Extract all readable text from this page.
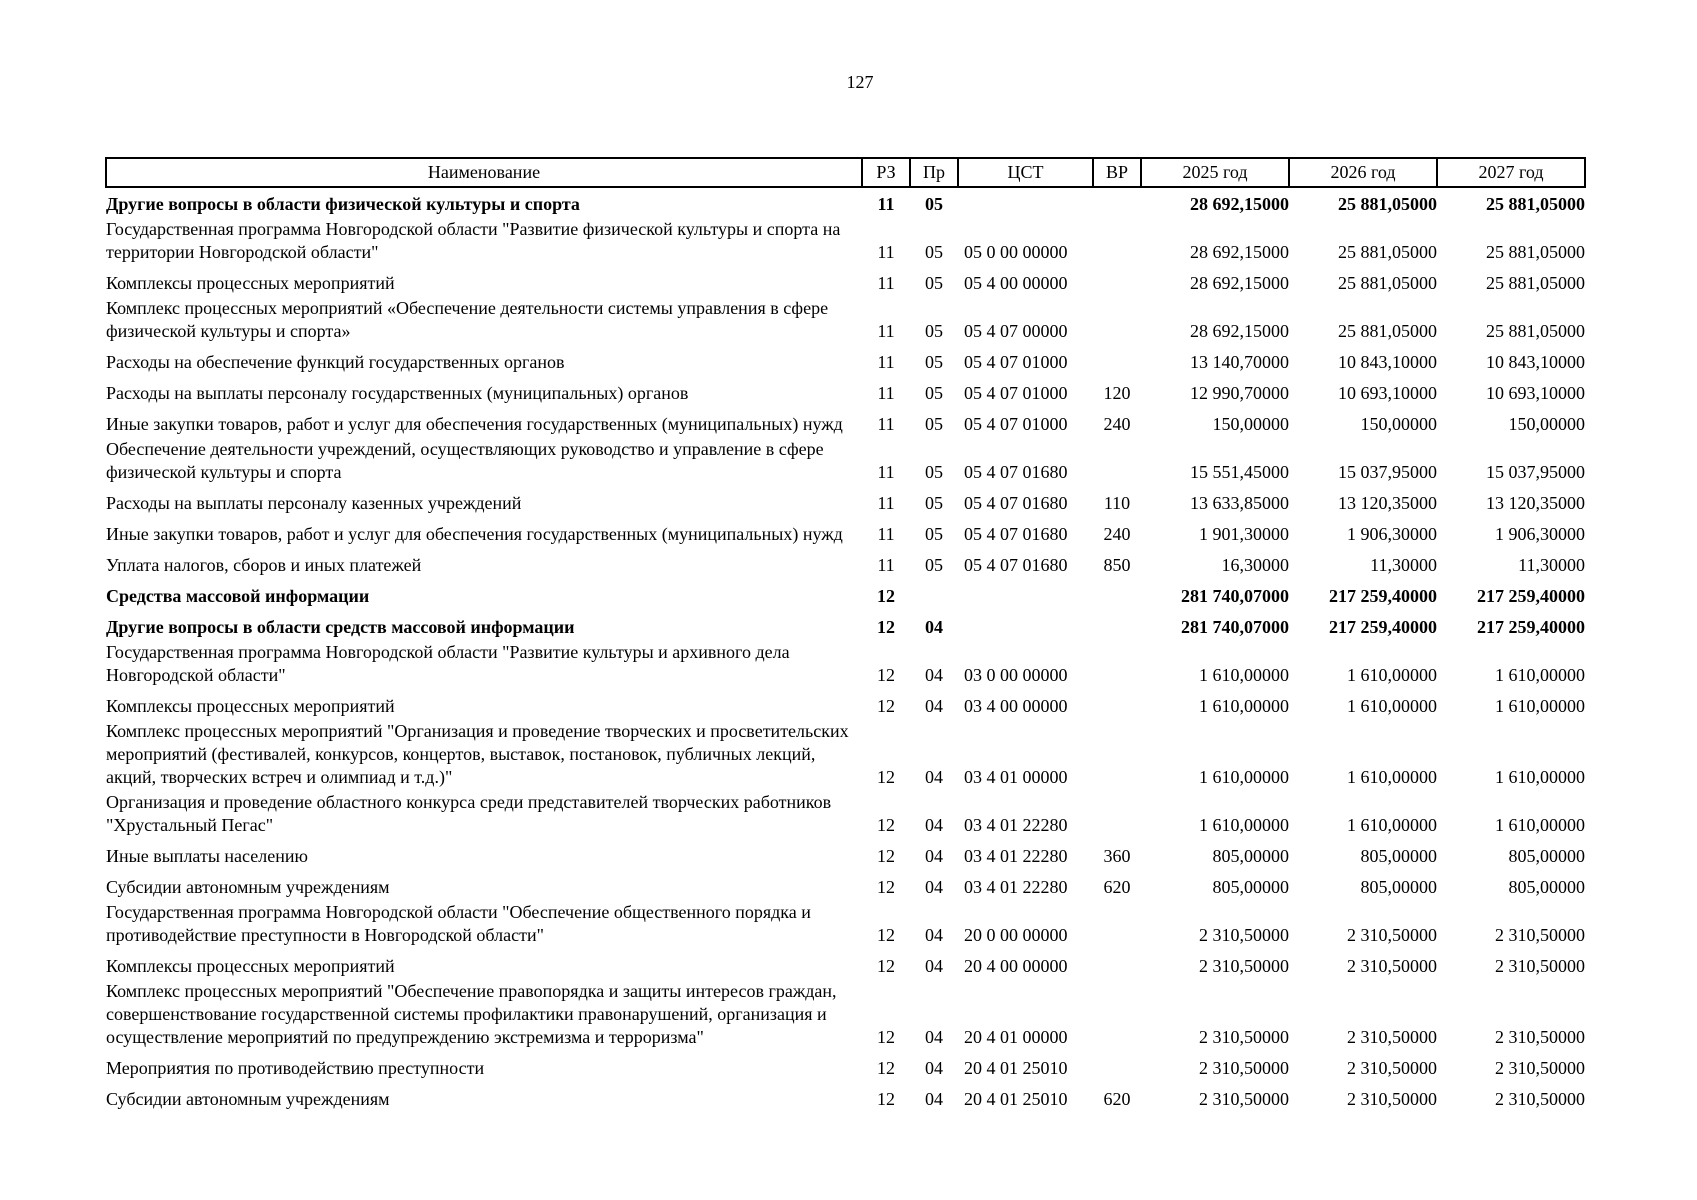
127
Наименование	РЗ	Пр	ЦСТ	ВР	2025 год	2026 год	2027 год
Другие вопросы в области физической культуры и спорта	11	05			28 692,15000	25 881,05000	25 881,05000
Государственная программа Новгородской области "Развитие физической культуры и спорта на территории Новгородской области"	11	05	05 0 00 00000		28 692,15000	25 881,05000	25 881,05000
Комплексы процессных мероприятий	11	05	05 4 00 00000		28 692,15000	25 881,05000	25 881,05000
Комплекс процессных мероприятий «Обеспечение деятельности системы управления в сфере физической культуры и спорта»	11	05	05 4 07 00000		28 692,15000	25 881,05000	25 881,05000
Расходы на обеспечение функций государственных органов	11	05	05 4 07 01000		13 140,70000	10 843,10000	10 843,10000
Расходы на выплаты персоналу государственных (муниципальных) органов	11	05	05 4 07 01000	120	12 990,70000	10 693,10000	10 693,10000
Иные закупки товаров, работ и услуг для обеспечения государственных (муниципальных) нужд	11	05	05 4 07 01000	240	150,00000	150,00000	150,00000
Обеспечение деятельности учреждений, осуществляющих руководство и управление в сфере физической культуры и спорта	11	05	05 4 07 01680		15 551,45000	15 037,95000	15 037,95000
Расходы на выплаты персоналу казенных учреждений	11	05	05 4 07 01680	110	13 633,85000	13 120,35000	13 120,35000
Иные закупки товаров, работ и услуг для обеспечения государственных (муниципальных) нужд	11	05	05 4 07 01680	240	1 901,30000	1 906,30000	1 906,30000
Уплата налогов, сборов и иных платежей	11	05	05 4 07 01680	850	16,30000	11,30000	11,30000
Средства массовой информации	12				281 740,07000	217 259,40000	217 259,40000
Другие вопросы в области средств массовой информации	12	04			281 740,07000	217 259,40000	217 259,40000
Государственная программа Новгородской области "Развитие культуры и архивного дела Новгородской области"	12	04	03 0 00 00000		1 610,00000	1 610,00000	1 610,00000
Комплексы процессных мероприятий	12	04	03 4 00 00000		1 610,00000	1 610,00000	1 610,00000
Комплекс процессных мероприятий "Организация и проведение творческих и просветительских мероприятий (фестивалей, конкурсов, концертов, выставок, постановок, публичных лекций, акций, творческих встреч и олимпиад и т.д.)"	12	04	03 4 01 00000		1 610,00000	1 610,00000	1 610,00000
Организация и проведение областного конкурса среди представителей творческих работников "Хрустальный Пегас"	12	04	03 4 01 22280		1 610,00000	1 610,00000	1 610,00000
Иные выплаты населению	12	04	03 4 01 22280	360	805,00000	805,00000	805,00000
Субсидии автономным учреждениям	12	04	03 4 01 22280	620	805,00000	805,00000	805,00000
Государственная программа Новгородской области "Обеспечение общественного порядка и противодействие преступности в Новгородской области"	12	04	20 0 00 00000		2 310,50000	2 310,50000	2 310,50000
Комплексы процессных мероприятий	12	04	20 4 00 00000		2 310,50000	2 310,50000	2 310,50000
Комплекс процессных мероприятий "Обеспечение правопорядка и защиты интересов граждан, совершенствование государственной системы профилактики правонарушений, организация и осуществление мероприятий по предупреждению экстремизма и терроризма"	12	04	20 4 01 00000		2 310,50000	2 310,50000	2 310,50000
Мероприятия по противодействию преступности	12	04	20 4 01 25010		2 310,50000	2 310,50000	2 310,50000
Субсидии автономным учреждениям	12	04	20 4 01 25010	620	2 310,50000	2 310,50000	2 310,50000
